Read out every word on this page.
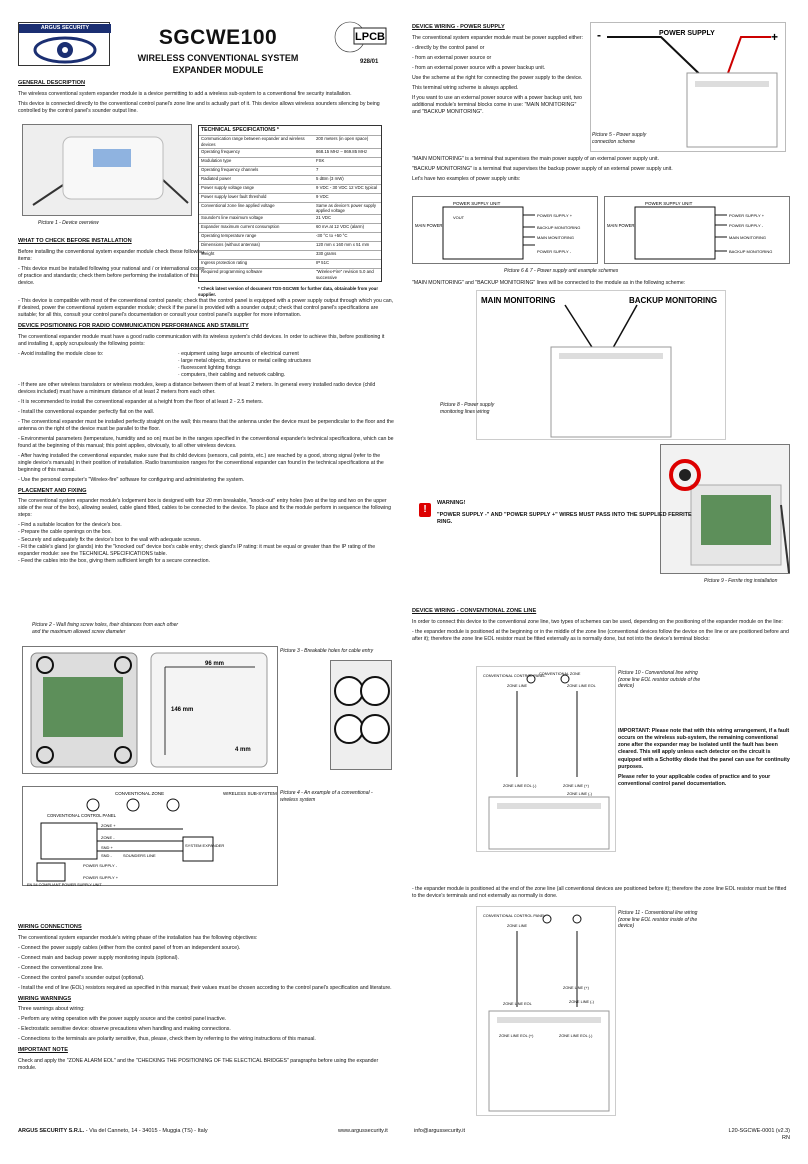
ARGUS SECURITY	SGCWE100
WIRELESS CONVENTIONAL SYSTEM
EXPANDER MODULE
LPCB
928/01
GENERAL DESCRIPTION

The wireless conventional system expander module is a device permitting to add a wireless sub-system to a conventional fire security installation.

This device is connected directly to the conventional control panel's zone line and is actually part of it. This device allows wireless sounders silencing by being controlled by the control panel's sounder output line.

Picture 1 - Device overview
WHAT TO CHECK BEFORE INSTALLATION

Before installing the conventional system expander module check these following items:

- This device must be installed following your national and / or international codes of practice and standards; check them before performing the installation of this device.

- This device is compatible with most of the conventional control panels; check that the control panel is equipped with a power supply output through which you can, if desired, power the conventional system expander module; check if the panel is provided with a sounder output; check that control panel's specifications are suitable; for all this, consult your control panel's documentation or consult your control panel's supplier for more information.

DEVICE POSITIONING FOR RADIO COMMUNICATION PERFORMANCE AND STABILITY

The conventional expander module must have a good radio communication with its wireless system's child devices. In order to achieve this, before positioning it and installing it, apply scrupulously the following points:

- Avoid installing the module close to:	· equipment using large amounts of electrical current
· large metal objects, structures or metal ceiling structures
· fluorescent lighting fixings
· computers, their cabling and network cabling.

- If there are other wireless translators or wireless modules, keep a distance between them of at least 2 meters. In general every installed radio device (child devices included) must have a minimum distance of at least 2 meters from each other.

- It is recommended to install the conventional expander at a height from the floor of at least 2 - 2.5 meters.

- Install the conventional expander perfectly flat on the wall.

- The conventional expander must be installed perfectly straight on the wall; this means that the antenna under the device must be perpendicular to the floor and the antenna on the right of the device must be parallel to the floor.

- Environmental parameters (temperature, humidity and so on) must be in the ranges specified in the conventional expander's technical specifications, which can be found at the beginning of this manual; this point applies, obviously, to all other wireless devices.

- After having installed the conventional expander, make sure that its child devices (sensors, call points, etc.) are reached by a good, strong signal (refer to the single device's manuals) in their position of installation. Radio transmission ranges for the conventional expander can found in the technical specifications at the beginning of this manual.

- Use the personal computer's "Wirelex-fire" software for configuring and administering the system.

PLACEMENT AND FIXING

The conventional system expander module's lodgement box is designed with four 20 mm breakable, "knock-out" entry holes (two at the top and two on the upper side of the rear of the box), allowing sealed, cable gland fitted, cables to be connected to the device. To place and fix the module perform in sequence the following steps:

- Find a suitable location for the device's box.
- Prepare the cable openings on the box.
- Securely and adequately fix the device's box to the wall with adequate screws.
- Fit the cable's gland (or glands) into the "knocked out" device box's cable entry; check gland's IP rating: it must be equal or greater than the IP rating of the expander module: see the TECHNICAL SPECIFICATIONS table.
- Feed the cables into the box, giving them sufficient length for a secure connection.
Picture 2 - Wall fixing screw holes, their distances from each other and the maximum allowed screw diameter
96 mm
146 mm
4 mm
Picture 3 - Breakable holes for cable entry
CONVENTIONAL ZONE	WIRELESS SUB-SYSTEM
CONVENTIONAL CONTROL PANEL
ZONE +
ZONE -
SND +
SND -	SOUNDERS LINE
SYSTEM EXPANDER
POWER SUPPLY -
POWER SUPPLY +
EN 54 COMPLIANT POWER SUPPLY UNIT
Picture 4 - An example of a conventional - wireless system
WIRING CONNECTIONS

The conventional system expander module's wiring phase of the installation has the following objectives:

- Connect the power supply cables (either from the control panel of from an independent source).

- Connect main and backup power supply monitoring inputs (optional).

- Connect the conventional zone line.

- Connect the control panel's sounder output (optional).

- Install the end of line (EOL) resistors required as specified in this manual; their values must be chosen according to the control panel's specification and literature.

WIRING WARNINGS

Three warnings about wiring:

- Perform any wiring operation with the power supply source and the control panel inactive.

- Electrostatic sensitive device: observe precautions when handling and making connections.

- Connections to the terminals are polarity sensitive, thus, please, check them by referring to the wiring instructions of this manual.

IMPORTANT NOTE

Check and apply the "ZONE ALARM EOL" and the "CHECKING THE POSITIONING OF THE ELECTICAL BRIDGES" paragraphs before using the expander module.

TECHNICAL SPECIFICATIONS *
Communication range between expander and wireless devices	200 meters (in open space)
Operating frequency	868.15 MHz – 869.85 MHz
Modulation type	FSK
Operating frequency channels	7
Radiated power	5 dBm (3 mW)
Power supply voltage range	9 VDC - 30 VDC 12 VDC typical
Power supply lower fault threshold	9 VDC
Conventional zone line applied voltage	Same as device's power supply applied voltage
Sounder's line maximum voltage	21 VDC
Expander maximum current consumption	60 mA at 12 VDC (alarm)
Operating temperature range	-30 °C to +50 °C
Dimensions (without antennas)	120 mm x 160 mm x 51 mm
Weight	330 grams
Ingress protection rating	IP 51C
Required programming software	"Wirelex-Fire" revision 5.0 and successive
* Check latest version of document TDS-SGCWE for further data, obtainable from your supplier.
DEVICE WIRING - POWER SUPPLY

The conventional system expander module must be power supplied either:

- directly by the control panel or

- from an external power source or

- from an external power source with a power backup unit.

Use the scheme at the right for connecting the power supply to the device.

This terminal wiring scheme is always applied.

If you want to use an external power source with a power backup unit, two additional module's terminal blocks come in use: "MAIN MONITORING" and "BACKUP MONITORING".

-	+
POWER SUPPLY
Picture 5 - Power supply connection scheme

"MAIN MONITORING" is a terminal that supervises the main power supply of an external power supply unit.

"BACKUP MONITORING" is a terminal that supervises the backup power supply of an external power supply unit.

Let's have two examples of power supply units:

POWER SUPPLY UNIT
MAIN POWER
VOUT	POWER SUPPLY +
BACKUP MONITORING
MAIN MONITORING
POWER SUPPLY -
POWER SUPPLY UNIT
MAIN POWER
POWER SUPPLY +
POWER SUPPLY -
MAIN MONITORING
BACKUP MONITORING
Picture 6 & 7 - Power supply unit example schemes
"MAIN MONITORING" and "BACKUP MONITORING" lines will be connected to the module as in the following scheme:
MAIN MONITORING	BACKUP MONITORING
Picture 8 - Power supply monitoring lines wiring
Picture 9 - Ferrite ring installation
!
WARNING!
"POWER SUPPLY -" AND "POWER SUPPLY +" WIRES MUST PASS INTO THE SUPPLIED FERRITE RING.
DEVICE WIRING - CONVENTIONAL ZONE LINE

In order to connect this device to the conventional zone line, two types of schemes can be used, depending on the positioning of the expander module on the line:

- the expander module is positioned at the beginning or in the middle of the zone line (conventional devices follow the device on the line or are positioned before and after it); therefore the zone line EOL resistor must be fitted externally as is normally done, but not into the device's terminal blocks:

CONVENTIONAL CONTROL PANEL
CONVENTIONAL ZONE
ZONE LINE	ZONE LINE EOL
ZONE LINE EOL (-)	ZONE LINE (+)
ZONE LINE (-)
Picture 10 - Conventional line wiring (zone line EOL resistor outside of the device)

IMPORTANT: Please note that with this wiring arrangement, if a fault occurs on the wireless sub-system, the remaining conventional zone after the expander may be isolated until the fault has been cleared. This will apply unless each detector on the circuit is equipped with a Schottky diode that the panel can use for continuity purposes.

Please refer to your applicable codes of practice and to your conventional control panel documentation.

- the expander module is positioned at the end of the zone line (all conventional devices are positioned before it); therefore the zone line EOL resistor must be fitted to the device's terminals and not externally as normally is done.
CONVENTIONAL CONTROL PANEL
ZONE LINE
ZONE LINE (+)
ZONE LINE EOL	ZONE LINE (-)
ZONE LINE EOL (+)	ZONE LINE EOL (-)
Picture 11 - Conventional line wiring (zone line EOL resistor inside of the device)
ARGUS SECURITY S.R.L. - Via del Canneto, 14 - 34015 - Muggia (TS) - Italy	www.argussecurity.it	info@argussecurity.it	L20-SGCWE-0001 (v2.3)
RN
